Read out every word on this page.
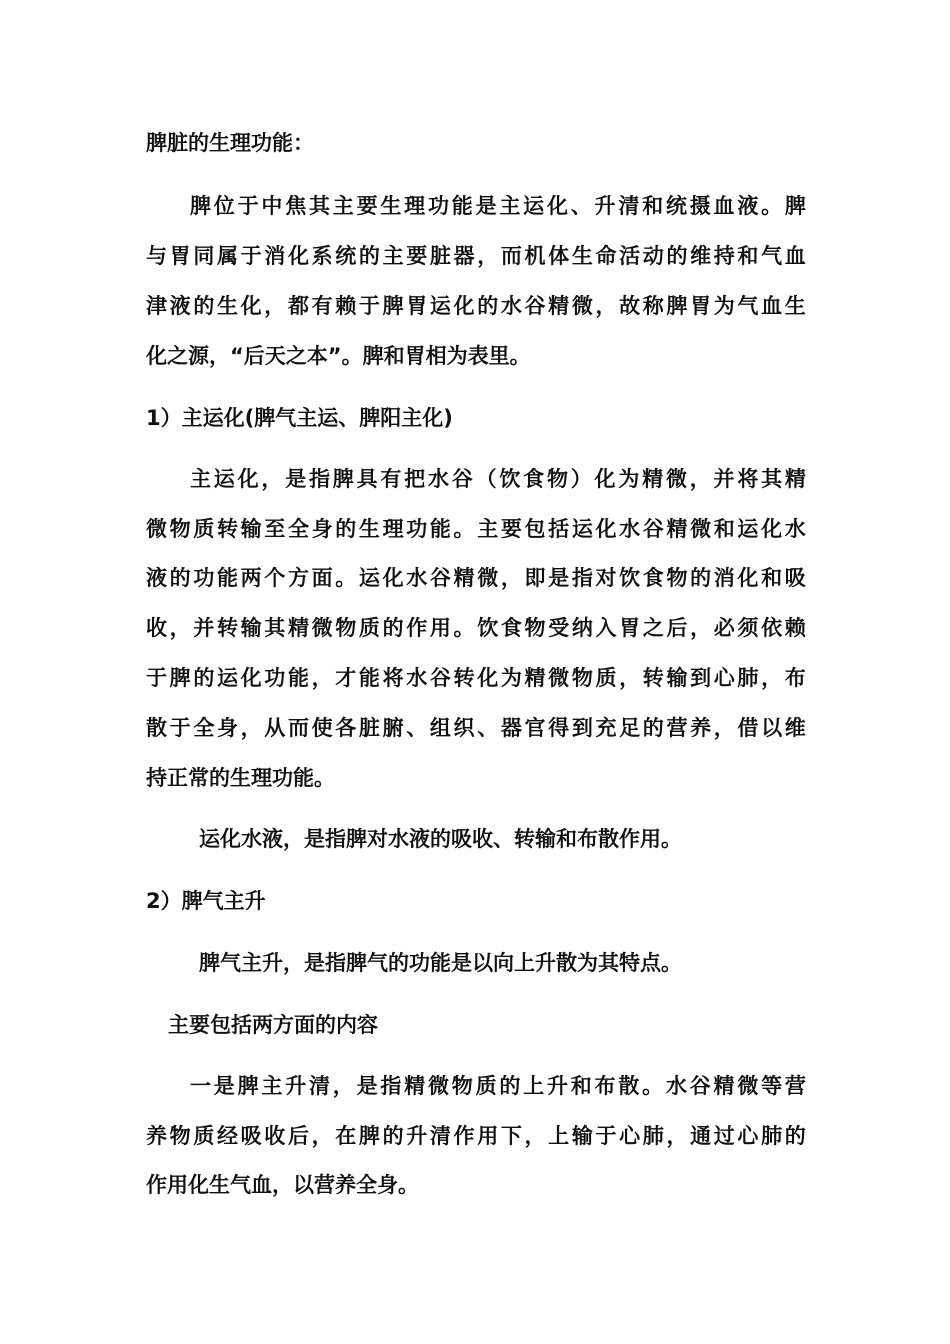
脾脏的生理功能：
脾 位 于 中 焦 其 主 要 生 理 功 能 是 主 运 化 、 升 清 和 统 摄 血 液 。 脾
与 胃 同 属 于 消 化 系 统 的 主 要 脏 器 ， 而 机 体 生 命 活 动 的 维 持 和 气 血
津 液 的 生 化 ， 都 有 赖 于 脾 胃 运 化 的 水 谷 精 微 ， 故 称 脾 胃 为 气 血 生
化之源，“后天之本”。脾和胃相为表里。
1）主运化(脾气主运、脾阳主化)
主 运 化 ， 是 指 脾 具 有 把 水 谷 （ 饮 食 物 ） 化 为 精 微 ， 并 将 其 精
微 物 质 转 输 至 全 身 的 生 理 功 能 。 主 要 包 括 运 化 水 谷 精 微 和 运 化 水
液 的 功 能 两 个 方 面 。 运 化 水 谷 精 微 ， 即 是 指 对 饮 食 物 的 消 化 和 吸
收 ， 并 转 输 其 精 微 物 质 的 作 用 。 饮 食 物 受 纳 入 胃 之 后 ， 必 须 依 赖
于 脾 的 运 化 功 能 ， 才 能 将 水 谷 转 化 为 精 微 物 质 ， 转 输 到 心 肺 ， 布
散 于 全 身 ， 从 而 使 各 脏 腑 、 组 织 、 器 官 得 到 充 足 的 营 养 ， 借 以 维
持正常的生理功能。
运化水液，是指脾对水液的吸收、转输和布散作用。
2）脾气主升
脾气主升，是指脾气的功能是以向上升散为其特点。
主要包括两方面的内容
一 是 脾 主 升 清 ， 是 指 精 微 物 质 的 上 升 和 布 散 。 水 谷 精 微 等 营
养 物 质 经 吸 收 后 ， 在 脾 的 升 清 作 用 下 ， 上 输 于 心 肺 ， 通 过 心 肺 的
作用化生气血，以营养全身。
